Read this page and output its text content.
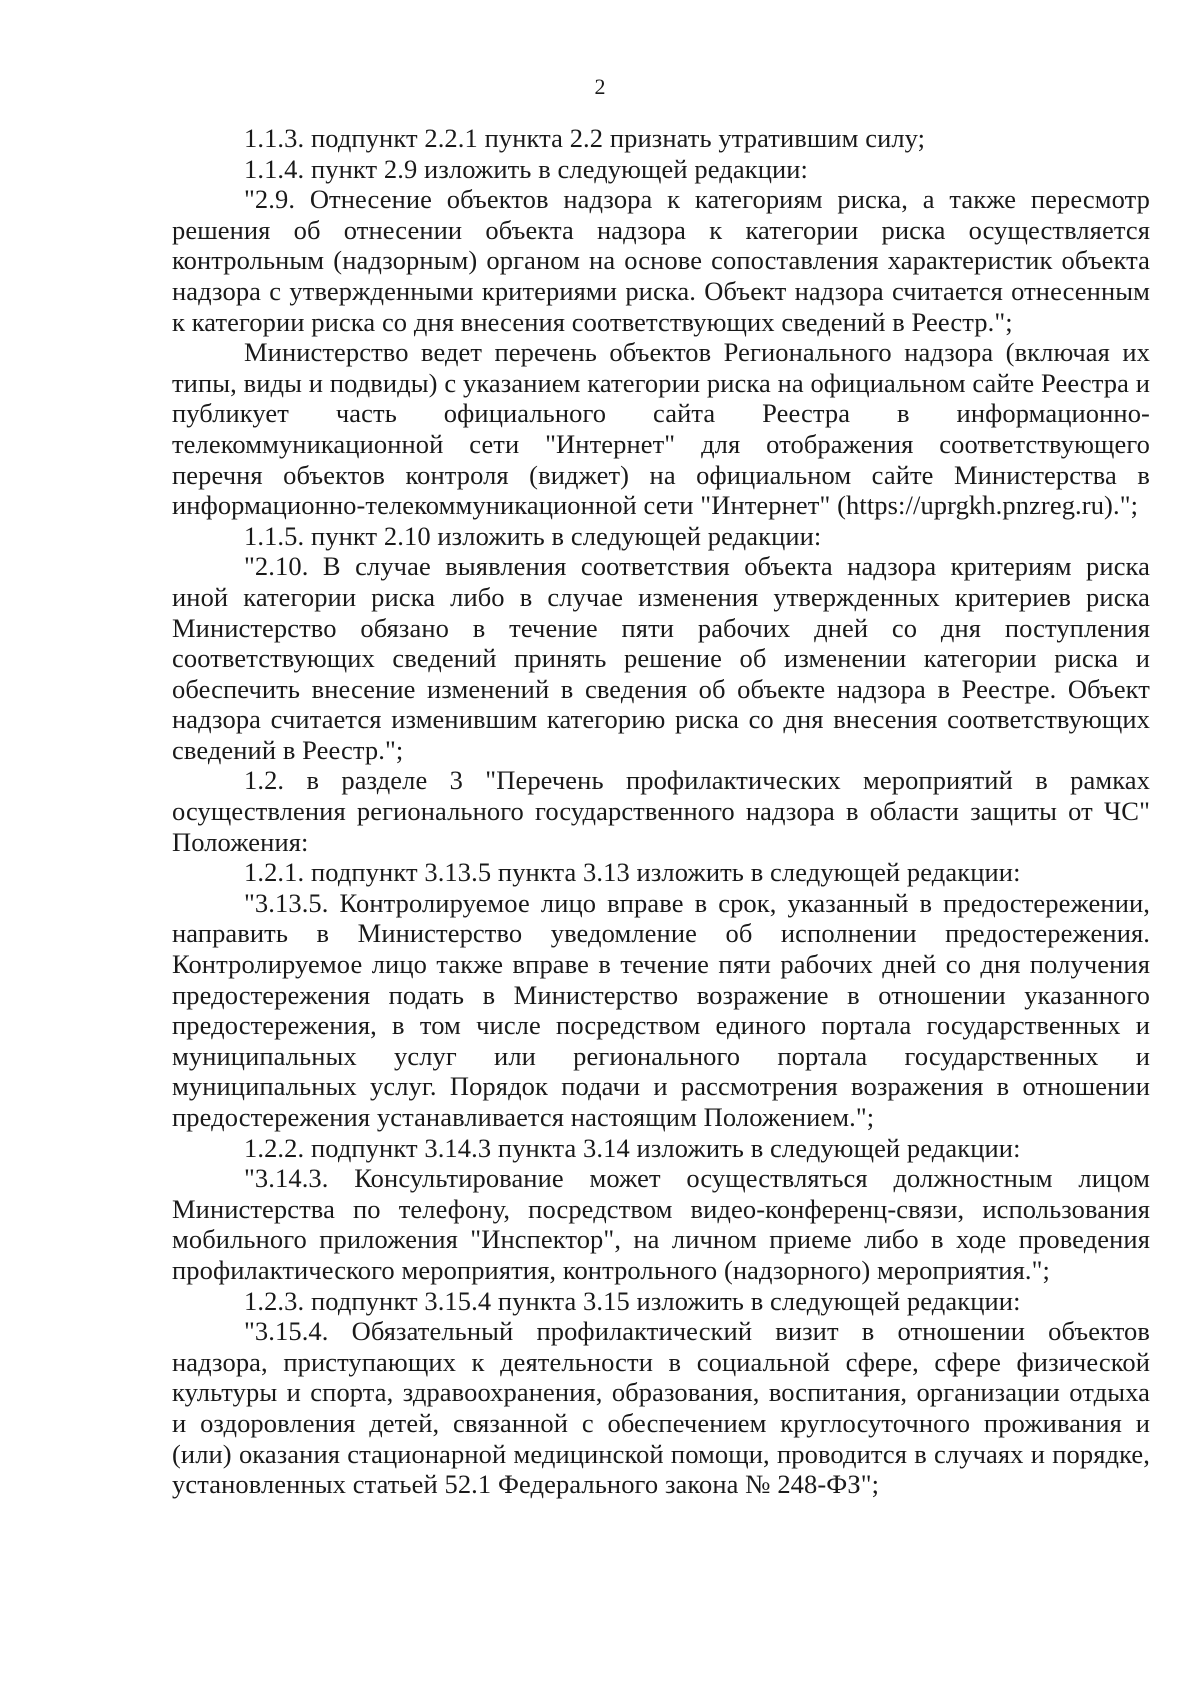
2

1.1.3. подпункт 2.2.1 пункта 2.2 признать утратившим силу;

1.1.4. пункт 2.9 изложить в следующей редакции:

"2.9. Отнесение объектов надзора к категориям риска, а также пересмотр решения об отнесении объекта надзора к категории риска осуществляется контрольным (надзорным) органом на основе сопоставления характеристик объекта надзора с утвержденными критериями риска. Объект надзора считается отнесенным к категории риска со дня внесения соответствующих сведений в Реестр.";

Министерство ведет перечень объектов Регионального надзора (включая их типы, виды и подвиды) с указанием категории риска на официальном сайте Реестра и публикует часть официального сайта Реестра в информационно-телекоммуникационной сети "Интернет" для отображения соответствующего перечня объектов контроля (виджет) на официальном сайте Министерства в информационно-телекоммуникационной сети "Интернет" (https://uprgkh.pnzreg.ru).";

1.1.5. пункт 2.10 изложить в следующей редакции:

"2.10. В случае выявления соответствия объекта надзора критериям риска иной категории риска либо в случае изменения утвержденных критериев риска Министерство обязано в течение пяти рабочих дней со дня поступления соответствующих сведений принять решение об изменении категории риска и обеспечить внесение изменений в сведения об объекте надзора в Реестре. Объект надзора считается изменившим категорию риска со дня внесения соответствующих сведений в Реестр.";

1.2. в разделе 3 "Перечень профилактических мероприятий в рамках осуществления регионального государственного надзора в области защиты от ЧС" Положения:

1.2.1. подпункт 3.13.5 пункта 3.13 изложить в следующей редакции:

"3.13.5. Контролируемое лицо вправе в срок, указанный в предостережении, направить в Министерство уведомление об исполнении предостережения. Контролируемое лицо также вправе в течение пяти рабочих дней со дня получения предостережения подать в Министерство возражение в отношении указанного предостережения, в том числе посредством единого портала государственных и муниципальных услуг или регионального портала государственных и муниципальных услуг. Порядок подачи и рассмотрения возражения в отношении предостережения устанавливается настоящим Положением.";

1.2.2. подпункт 3.14.3 пункта 3.14 изложить в следующей редакции:

"3.14.3. Консультирование может осуществляться должностным лицом Министерства по телефону, посредством видео-конференц-связи, использования мобильного приложения "Инспектор", на личном приеме либо в ходе проведения профилактического мероприятия, контрольного (надзорного) мероприятия.";

1.2.3. подпункт 3.15.4 пункта 3.15 изложить в следующей редакции:

"3.15.4. Обязательный профилактический визит в отношении объектов надзора, приступающих к деятельности в социальной сфере, сфере физической культуры и спорта, здравоохранения, образования, воспитания, организации отдыха и оздоровления детей, связанной с обеспечением круглосуточного проживания и (или) оказания стационарной медицинской помощи, проводится в случаях и порядке, установленных статьей 52.1 Федерального закона № 248-ФЗ";
